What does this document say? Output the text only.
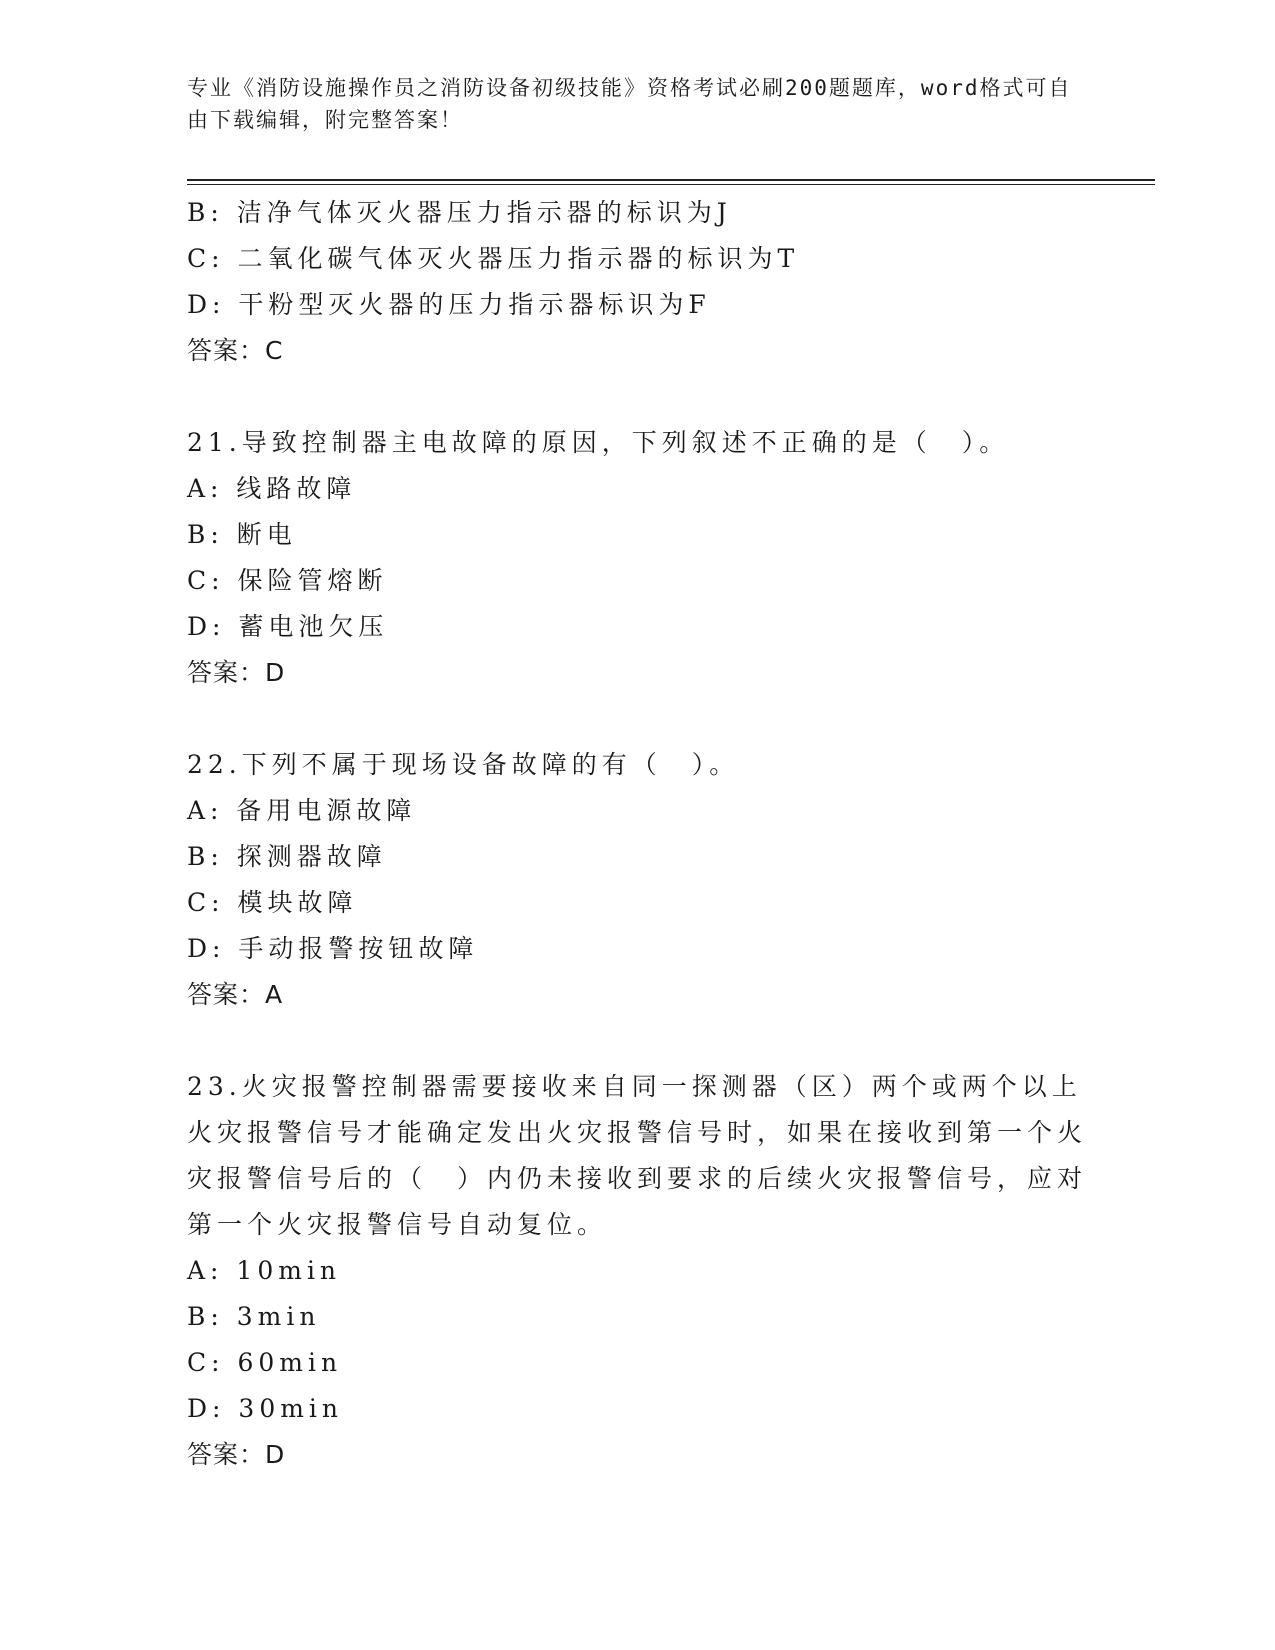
专业《消防设施操作员之消防设备初级技能》资格考试必刷200题题库，word格式可自由下载编辑，附完整答案！
B: 洁净气体灭火器压力指示器的标识为J
C: 二氧化碳气体灭火器压力指示器的标识为T
D: 干粉型灭火器的压力指示器标识为F
答案：C
21.导致控制器主电故障的原因，下列叙述不正确的是（　）。
A: 线路故障
B: 断电
C: 保险管熔断
D: 蓄电池欠压
答案：D
22.下列不属于现场设备故障的有（　）。
A: 备用电源故障
B: 探测器故障
C: 模块故障
D: 手动报警按钮故障
答案：A
23.火灾报警控制器需要接收来自同一探测器（区）两个或两个以上火灾报警信号才能确定发出火灾报警信号时，如果在接收到第一个火灾报警信号后的（　）内仍未接收到要求的后续火灾报警信号，应对第一个火灾报警信号自动复位。
A: 10min
B: 3min
C: 60min
D: 30min
答案：D
